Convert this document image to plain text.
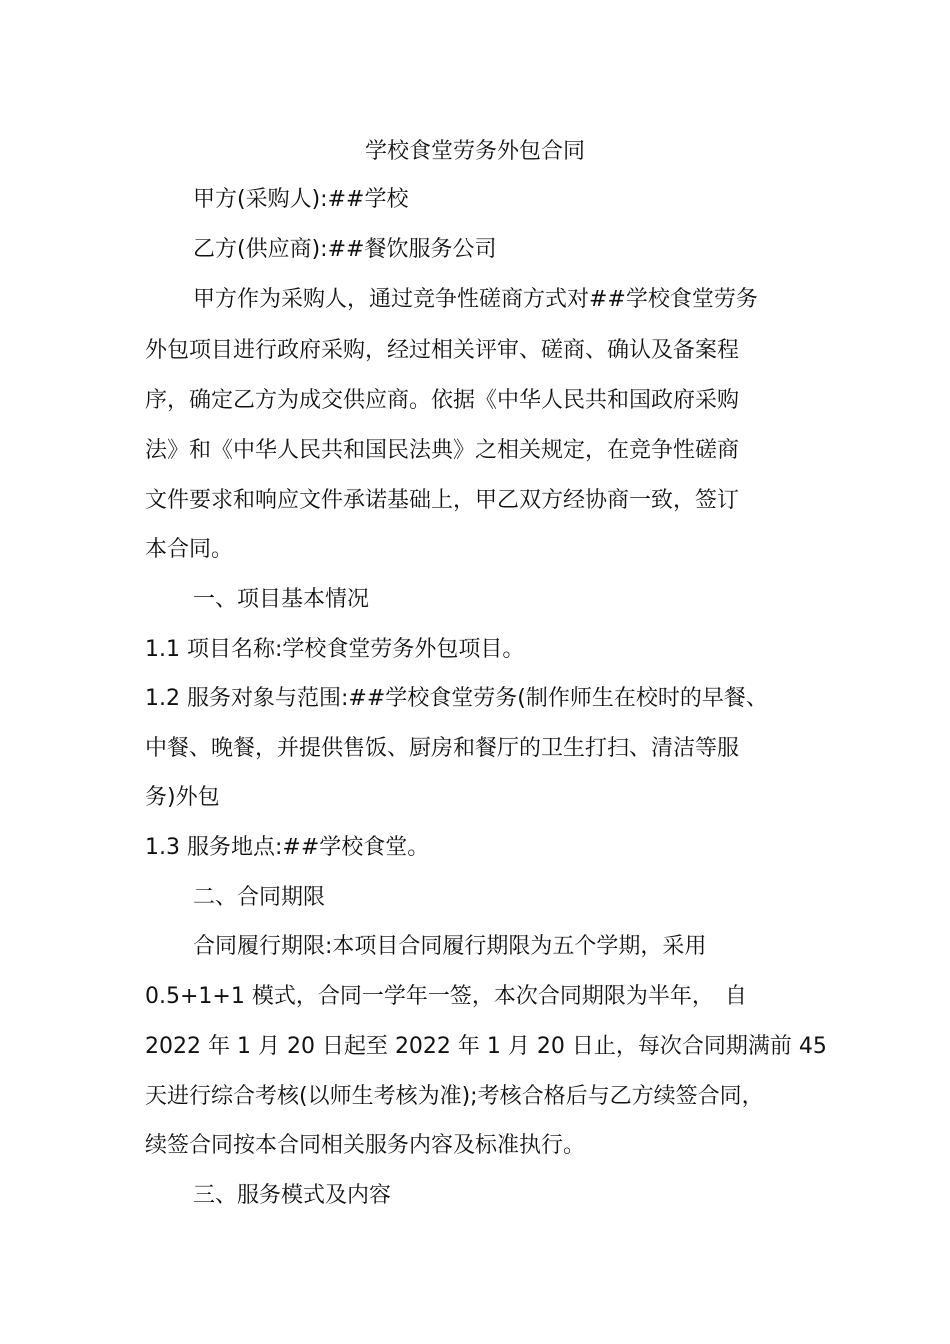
学校食堂劳务外包合同
甲方(采购人):##学校
乙方(供应商):##餐饮服务公司
甲方作为采购人，通过竞争性磋商方式对##学校食堂劳务
外包项目进行政府采购，经过相关评审、磋商、确认及备案程
序，确定乙方为成交供应商。依据《中华人民共和国政府采购
法》和《中华人民共和国民法典》之相关规定，在竞争性磋商
文件要求和响应文件承诺基础上，甲乙双方经协商一致，签订
本合同。
一、项目基本情况
1.1 项目名称:学校食堂劳务外包项目。
1.2 服务对象与范围:##学校食堂劳务(制作师生在校时的早餐、
中餐、晚餐，并提供售饭、厨房和餐厅的卫生打扫、清洁等服
务)外包
1.3 服务地点:##学校食堂。
二、合同期限
合同履行期限:本项目合同履行期限为五个学期，采用
0.5+1+1 模式，合同一学年一签，本次合同期限为半年，　自
2022 年 1 月 20 日起至 2022 年 1 月 20 日止，每次合同期满前 45
天进行综合考核(以师生考核为准);考核合格后与乙方续签合同，
续签合同按本合同相关服务内容及标准执行。
三、服务模式及内容
